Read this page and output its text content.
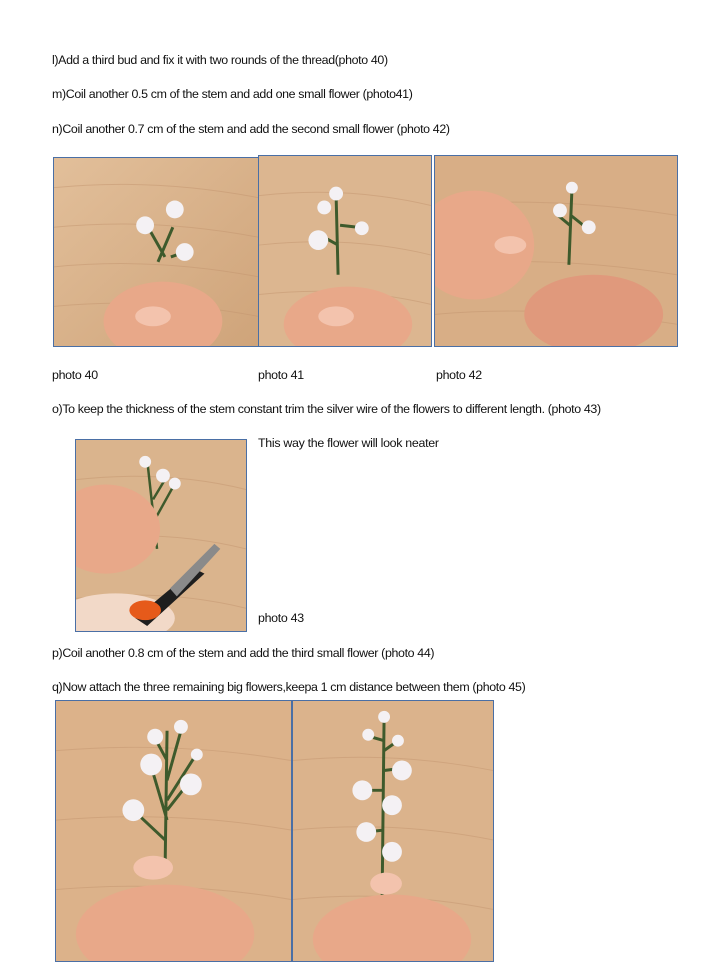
l)Add a third bud and fix it with two rounds of the thread(photo 40)
m)Coil another 0.5 cm of the stem and add one small flower (photo41)
n)Coil another 0.7 cm of the stem and add the second small flower (photo 42)
photo 40	photo 41	photo 42
o)To keep the thickness of the stem constant trim the silver wire of the flowers to different length. (photo 43)
This way the flower will look neater
photo 43
p)Coil another 0.8 cm of the stem and add the third small flower (photo 44)
q)Now attach the three remaining big flowers,keepa 1 cm distance between them (photo 45)
